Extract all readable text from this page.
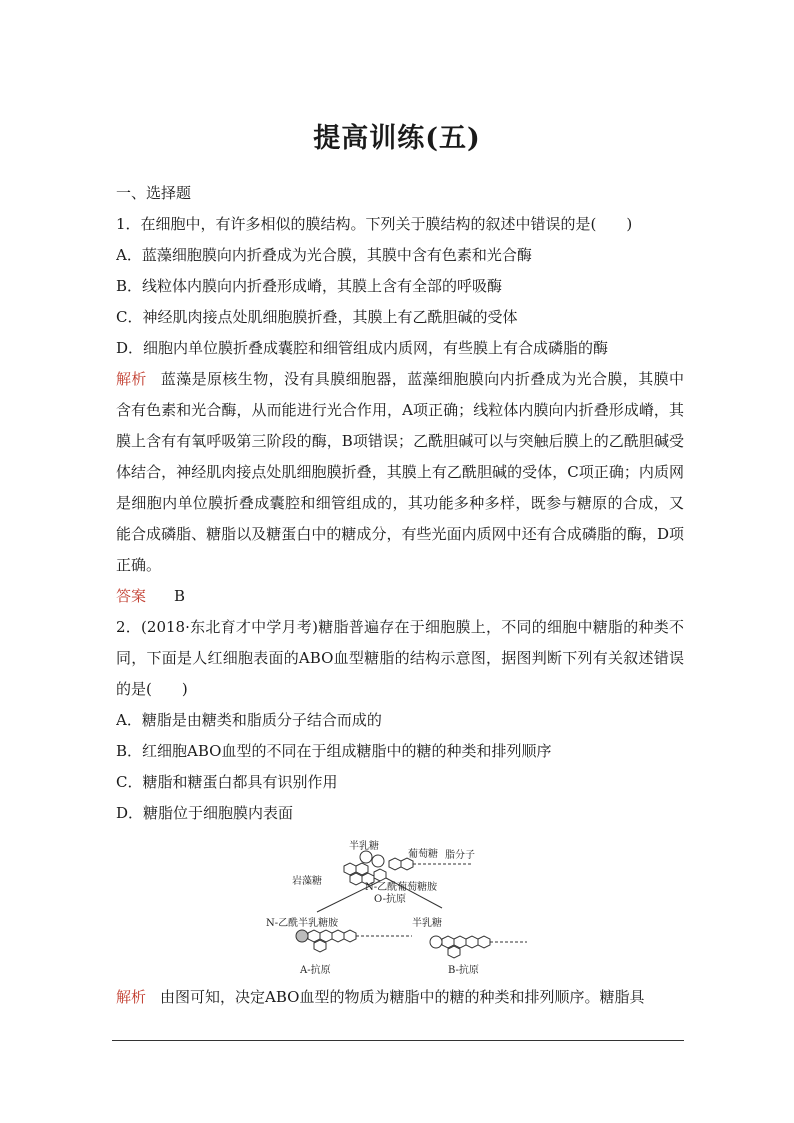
提高训练(五)
一、选择题
1．在细胞中，有许多相似的膜结构。下列关于膜结构的叙述中错误的是(　　)
A．蓝藻细胞膜向内折叠成为光合膜，其膜中含有色素和光合酶
B．线粒体内膜向内折叠形成嵴，其膜上含有全部的呼吸酶
C．神经肌肉接点处肌细胞膜折叠，其膜上有乙酰胆碱的受体
D．细胞内单位膜折叠成囊腔和细管组成内质网，有些膜上有合成磷脂的酶

解析 蓝藻是原核生物，没有具膜细胞器，蓝藻细胞膜向内折叠成为光合膜，其膜中含有色素和光合酶，从而能进行光合作用，A项正确；线粒体内膜向内折叠形成嵴，其膜上含有有氧呼吸第三阶段的酶，B项错误；乙酰胆碱可以与突触后膜上的乙酰胆碱受体结合，神经肌肉接点处肌细胞膜折叠，其膜上有乙酰胆碱的受体，C项正确；内质网是细胞内单位膜折叠成囊腔和细管组成的，其功能多种多样，既参与糖原的合成，又能合成磷脂、糖脂以及糖蛋白中的糖成分，有些光面内质网中还有合成磷脂的酶，D项正确。

答案 B

2．(2018·东北育才中学月考)糖脂普遍存在于细胞膜上，不同的细胞中糖脂的种类不同，下面是人红细胞表面的ABO血型糖脂的结构示意图，据图判断下列有关叙述错误的是(　　)

A．糖脂是由糖类和脂质分子结合而成的
B．红细胞ABO血型的不同在于组成糖脂中的糖的种类和排列顺序
C．糖脂和糖蛋白都具有识别作用
D．糖脂位于细胞膜内表面
半乳糖
葡萄糖 脂分子
岩藻糖
N-乙酰葡萄糖胺
O-抗原
N-乙酰半乳糖胺	半乳糖
A-抗原	B-抗原
解析 由图可知，决定ABO血型的物质为糖脂中的糖的种类和排列顺序。糖脂具
